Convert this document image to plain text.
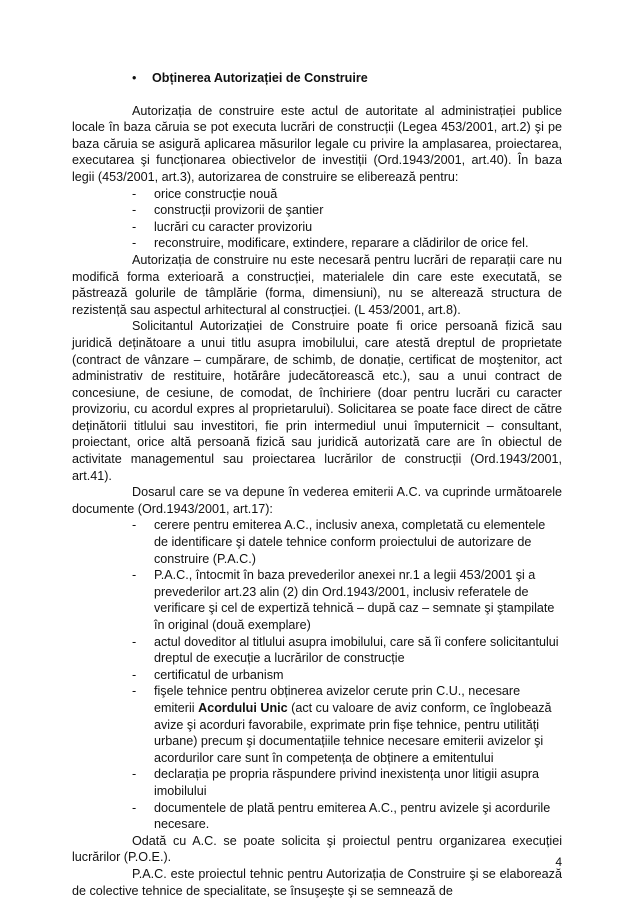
• Obținerea Autorizației de Construire

Autorizația de construire este actul de autoritate al administrației publice locale în baza căruia se pot executa lucrări de construcții (Legea 453/2001, art.2) şi pe baza căruia se asigură aplicarea măsurilor legale cu privire la amplasarea, proiectarea, executarea şi funcționarea obiectivelor de investiții (Ord.1943/2001, art.40). În baza legii (453/2001, art.3), autorizarea de construire se eliberează pentru:

- orice construcție nouă
- construcții provizorii de şantier
- lucrări cu caracter provizoriu
- reconstruire, modificare, extindere, reparare a clădirilor de orice fel.

Autorizația de construire nu este necesară pentru lucrări de reparații care nu modifică forma exterioară a construcției, materialele din care este executată, se păstrează golurile de tâmplărie (forma, dimensiuni), nu se alterează structura de rezistență sau aspectul arhitectural al construcției. (L 453/2001, art.8).

Solicitantul Autorizației de Construire poate fi orice persoană fizică sau juridică deținătoare a unui titlu asupra imobilului, care atestă dreptul de proprietate (contract de vânzare – cumpărare, de schimb, de donație, certificat de moştenitor, act administrativ de restituire, hotărâre judecătorească etc.), sau a unui contract de concesiune, de cesiune, de comodat, de închiriere (doar pentru lucrări cu caracter provizoriu, cu acordul expres al proprietarului). Solicitarea se poate face direct de către deținătorii titlului sau investitori, fie prin intermediul unui împuternicit – consultant, proiectant, orice altă persoană fizică sau juridică autorizată care are în obiectul de activitate managementul sau proiectarea lucrărilor de construcții (Ord.1943/2001, art.41).

Dosarul care se va depune în vederea emiterii A.C. va cuprinde următoarele documente (Ord.1943/2001, art.17):

- cerere pentru emiterea A.C., inclusiv anexa, completată cu elementele de identificare şi datele tehnice conform proiectului de autorizare de construire (P.A.C.)
- P.A.C., întocmit în baza prevederilor anexei nr.1 a legii 453/2001 şi a prevederilor art.23 alin (2) din Ord.1943/2001, inclusiv referatele de verificare şi cel de expertiză tehnică – după caz – semnate şi ştampilate în original (două exemplare)
- actul doveditor al titlului asupra imobilului, care să îi confere solicitantului dreptul de execuție a lucrărilor de construcție
- certificatul de urbanism
- fişele tehnice pentru obținerea avizelor cerute prin C.U., necesare emiterii Acordului Unic (act cu valoare de aviz conform, ce înglobează avize şi acorduri favorabile, exprimate prin fişe tehnice, pentru utilități urbane) precum şi documentațiile tehnice necesare emiterii avizelor şi acordurilor care sunt în competența de obținere a emitentului
- declarația pe propria răspundere privind inexistența unor litigii asupra imobilului
- documentele de plată pentru emiterea A.C., pentru avizele şi acordurile necesare.

Odată cu A.C. se poate solicita şi proiectul pentru organizarea execuției lucrărilor (P.O.E.).

P.A.C. este proiectul tehnic pentru Autorizația de Construire şi se elaborează de colective tehnice de specialitate, se însuşeşte şi se semnează de

4
